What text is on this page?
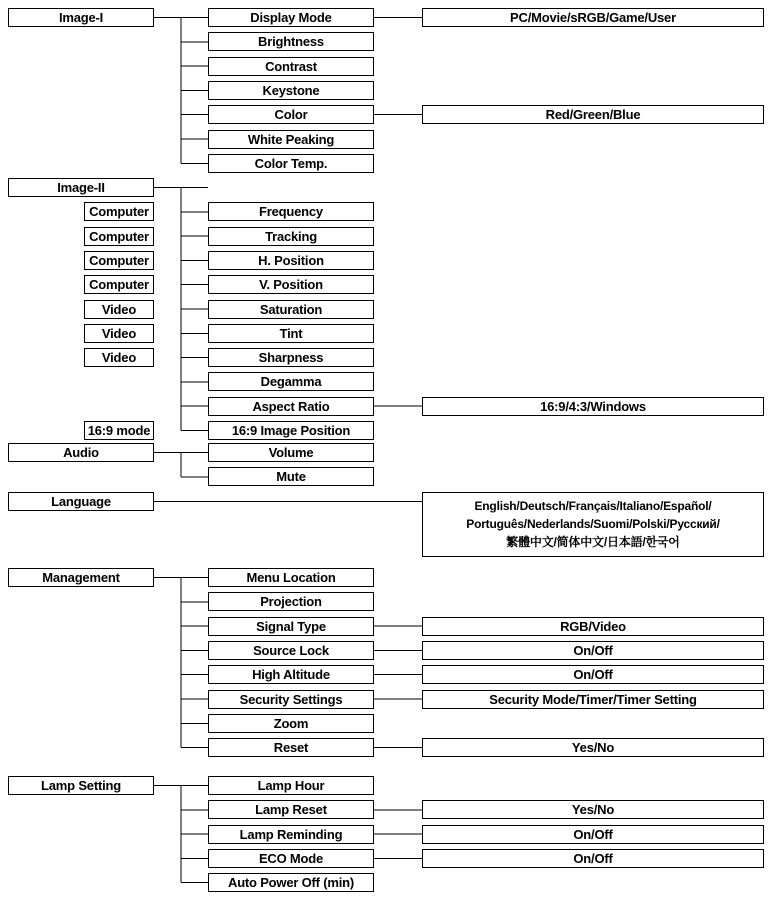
Image-I	Display Mode	PC/Movie/sRGB/Game/User
Brightness
Contrast
Keystone
Color	Red/Green/Blue
White Peaking
Color Temp.
Image-II
Frequency
Tracking
H. Position
V. Position
Saturation
Tint
Sharpness
Degamma
Aspect Ratio	16:9/4:3/Windows
16:9 Image Position
Computer
Computer
Computer
Computer
Video
Video
Video
16:9 mode
Audio	Volume
Mute
Language	English/Deutsch/Français/Italiano/Español/
Português/Nederlands/Suomi/Polski/Русский/
繁體中文/简体中文/日本語/한국어
Management	Menu Location
Projection
Signal Type	RGB/Video
Source Lock	On/Off
High Altitude	On/Off
Security Settings	Security Mode/Timer/Timer Setting
Zoom
Reset	Yes/No
Lamp Setting	Lamp Hour
Lamp Reset	Yes/No
Lamp Reminding	On/Off
ECO Mode	On/Off
Auto Power Off (min)
